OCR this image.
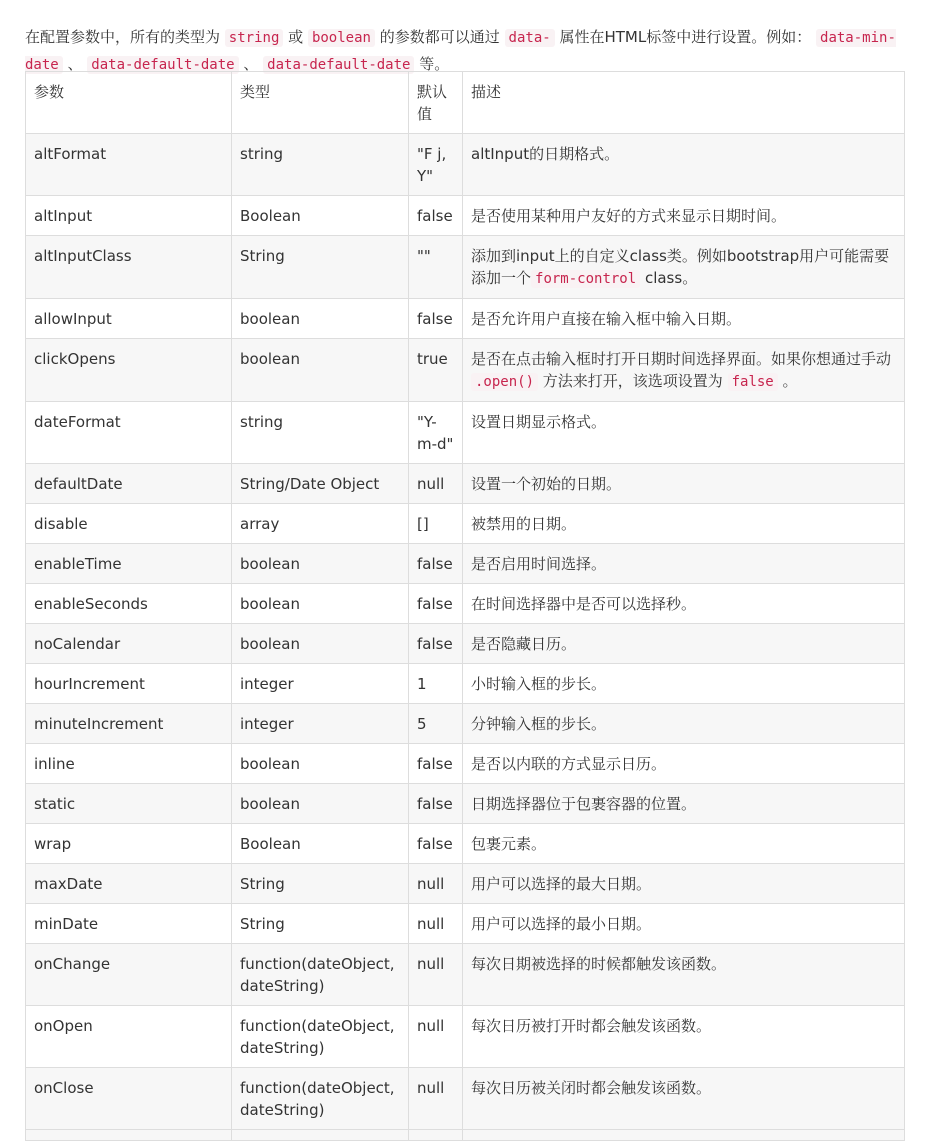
在配置参数中，所有的类型为 string 或 boolean 的参数都可以通过 data- 属性在HTML标签中进行设置。例如： data-min-date 、 data-default-date 、 data-default-date 等。

参数	类型	默认值	描述
altFormat	string	"F j, Y"	altInput的日期格式。
altInput	Boolean	false	是否使用某种用户友好的方式来显示日期时间。
altInputClass	String	""	添加到input上的自定义class类。例如bootstrap用户可能需要添加一个 form-control class。
allowInput	boolean	false	是否允许用户直接在输入框中输入日期。
clickOpens	boolean	true	是否在点击输入框时打开日期时间选择界面。如果你想通过手动 .open() 方法来打开，该选项设置为 false 。
dateFormat	string	"Y-m-d"	设置日期显示格式。
defaultDate	String/Date Object	null	设置一个初始的日期。
disable	array	[]	被禁用的日期。
enableTime	boolean	false	是否启用时间选择。
enableSeconds	boolean	false	在时间选择器中是否可以选择秒。
noCalendar	boolean	false	是否隐藏日历。
hourIncrement	integer	1	小时输入框的步长。
minuteIncrement	integer	5	分钟输入框的步长。
inline	boolean	false	是否以内联的方式显示日历。
static	boolean	false	日期选择器位于包裹容器的位置。
wrap	Boolean	false	包裹元素。
maxDate	String	null	用户可以选择的最大日期。
minDate	String	null	用户可以选择的最小日期。
onChange	function(dateObject, dateString)	null	每次日期被选择的时候都触发该函数。
onOpen	function(dateObject, dateString)	null	每次日历被打开时都会触发该函数。
onClose	function(dateObject, dateString)	null	每次日历被关闭时都会触发该函数。
